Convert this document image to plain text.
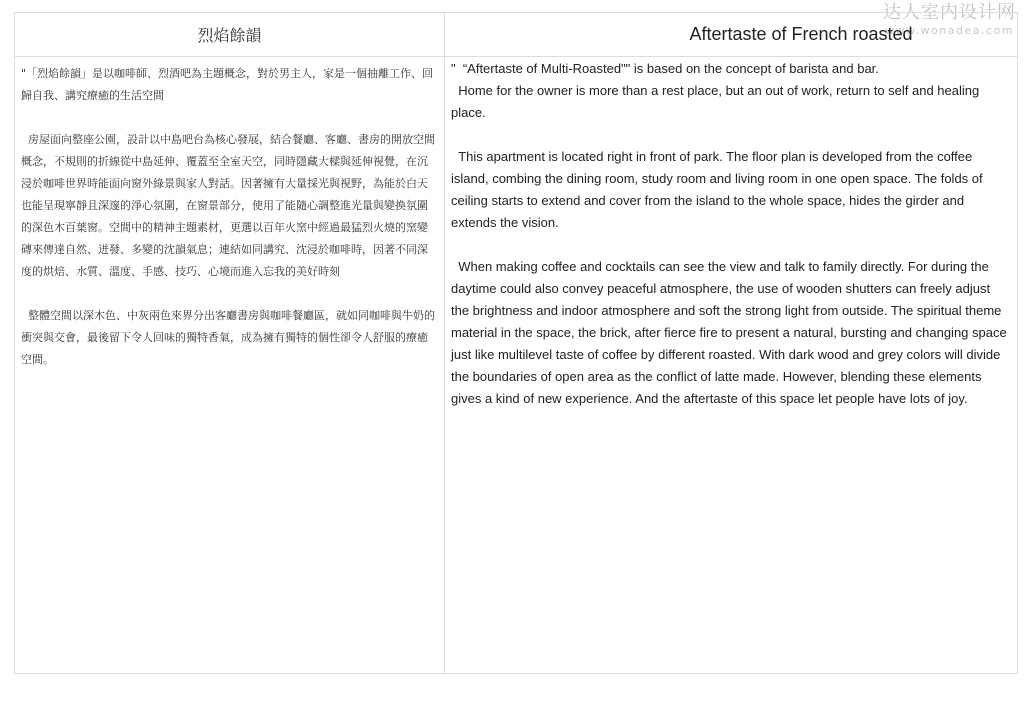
达人室内设计网
www.wonadea.com
烈焰餘韻

"「烈焰餘韻」是以咖啡師、烈酒吧為主題概念，對於男主人，家是一個抽離工作、回歸自我、講究療癒的生活空間

房屋面向整座公園，設計以中島吧台為核心發展，結合餐廳、客廳、書房的開放空間概念，不規則的折線從中島延伸、覆蓋至全室天空，同時隱藏大樑與延伸視覺，在沉浸於咖啡世界時能面向窗外綠景與家人對話。因著擁有大量採光與視野，為能於白天也能呈現寧靜且深邃的淨心氛圍，在窗景部分，使用了能隨心調整進光量與變換氛圍的深色木百葉窗。空間中的精神主題素材，更選以百年火窯中經過最猛烈火燒的窯變磚來傳達自然、迸發、多變的沈韻氣息；連結如同講究、沈浸於咖啡時，因著不同深度的烘焙、水質、溫度、手感、技巧、心境而進入忘我的美好時刻

整體空間以深木色、中灰兩色來界分出客廳書房與咖啡餐廳區，就如同咖啡與牛奶的衝突與交會，最後留下令人回味的獨特香氣，成為擁有獨特的個性卻令人舒服的療癒空間。

Aftertaste of French roasted

"  “Aftertaste of Multi-Roasted"" is based on the concept of barista and bar.

Home for the owner is more than a rest place, but an out of work, return to self and healing place.

This apartment is located right in front of park. The floor plan is developed from the coffee island, combing the dining room, study room and living room in one open space. The folds of ceiling starts to extend and cover from the island to the whole space, hides the girder and extends the vision.

When making coffee and cocktails can see the view and talk to family directly. For during the daytime could also convey peaceful atmosphere, the use of wooden shutters can freely adjust the brightness and indoor atmosphere and soft the strong light from outside. The spiritual theme material in the space, the brick, after fierce fire to present a natural, bursting and changing space just like multilevel taste of coffee by different roasted. With dark wood and grey colors will divide the boundaries of open area as the conflict of latte made. However, blending these elements gives a kind of new experience. And the aftertaste of this space let people have lots of joy.
